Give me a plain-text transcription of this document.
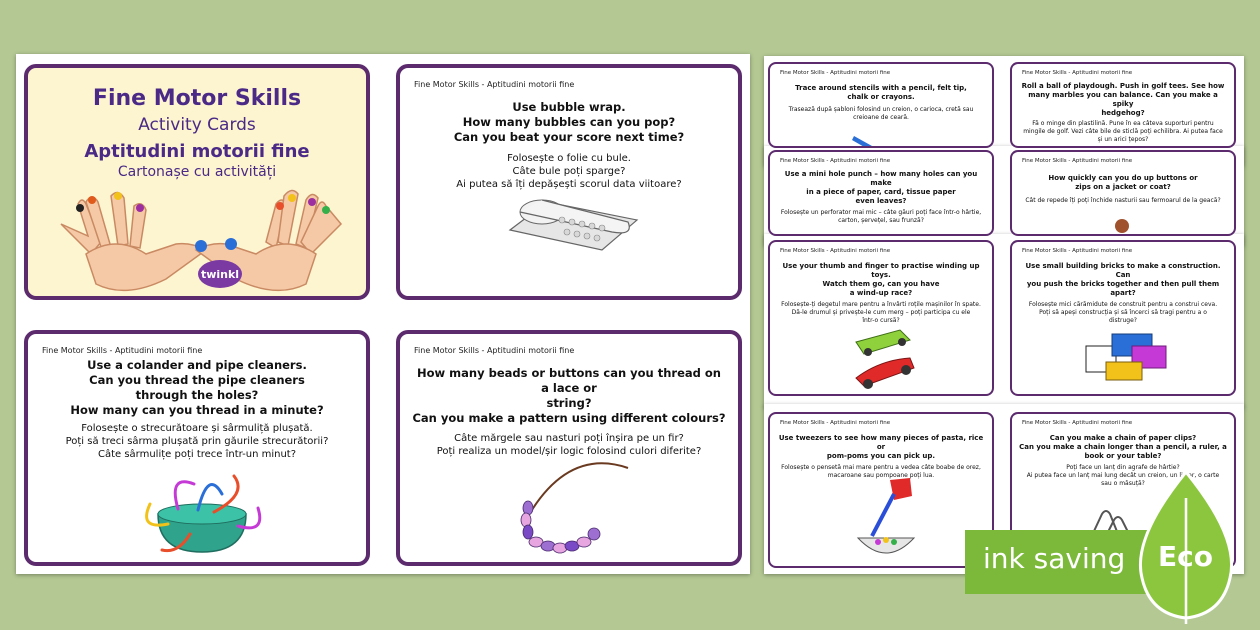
Fine Motor Skills
Activity Cards
Aptitudini motorii fine
Cartonașe cu activități
twinkl
Fine Motor Skills - Aptitudini motorii fine
Use bubble wrap.
How many bubbles can you pop?
Can you beat your score next time?
Folosește o folie cu bule.
Câte bule poți sparge?
Ai putea să îți depășești scorul data viitoare?
Fine Motor Skills - Aptitudini motorii fine
Use a colander and pipe cleaners.
Can you thread the pipe cleaners
through the holes?
How many can you thread in a minute?
Folosește o strecurătoare și sârmuliță plușată.
Poți să treci sârma plușată prin găurile strecurătorii?
Câte sârmulițe poți trece într-un minut?
Fine Motor Skills - Aptitudini motorii fine
How many beads or buttons can you thread on a lace or
string?
Can you make a pattern using different colours?
Câte mărgele sau nasturi poți înșira pe un fir?
Poți realiza un model/șir logic folosind culori diferite?
Fine Motor Skills - Aptitudini motorii fine
Trace around stencils with a pencil, felt tip,
chalk or crayons.
Trasează după șabloni folosind un creion, o carioca, cretă sau
creioane de ceară.
Fine Motor Skills - Aptitudini motorii fine
Roll a ball of playdough. Push in golf tees. See how
many marbles you can balance. Can you make a spiky
hedgehog?
Fă o minge din plastilină. Pune în ea câteva suporturi pentru
mingile de golf. Vezi câte bile de sticlă poți echilibra. Ai putea face
și un arici țepos?
Fine Motor Skills - Aptitudini motorii fine
Use a mini hole punch – how many holes can you make
in a piece of paper, card, tissue paper
even leaves?
Folosește un perforator mai mic – câte găuri poți face într-o hârtie,
carton, șervețel, sau frunză?
Fine Motor Skills - Aptitudini motorii fine
How quickly can you do up buttons or
zips on a jacket or coat?
Cât de repede îți poți închide nasturii sau fermoarul de la geacă?
Fine Motor Skills - Aptitudini motorii fine
Use your thumb and finger to practise winding up toys.
Watch them go, can you have
a wind-up race?
Folosește-ți degetul mare pentru a învârti roțile mașinilor în spate.
Dă-le drumul și privește-le cum merg – poți participa cu ele
într-o cursă?
Fine Motor Skills - Aptitudini motorii fine
Use small building bricks to make a construction. Can
you push the bricks together and then pull them apart?
Folosește mici cărămidute de construit pentru a construi ceva.
Poți să apeși construcția și să încerci să tragi pentru a o
distruge?
Fine Motor Skills - Aptitudini motorii fine
Use tweezers to see how many pieces of pasta, rice or
pom-poms you can pick up.
Folosește o pensetă mai mare pentru a vedea câte boabe de orez,
macaroane sau pompoane poți lua.
Fine Motor Skills - Aptitudini motorii fine
Can you make a chain of paper clips?
Can you make a chain longer than a pencil, a ruler, a
book or your table?
Poți face un lanț din agrafe de hârtie?
Ai putea face un lanț mai lung decât un creion, un liniar, o carte
sau o măsuță?
ink saving Eco
